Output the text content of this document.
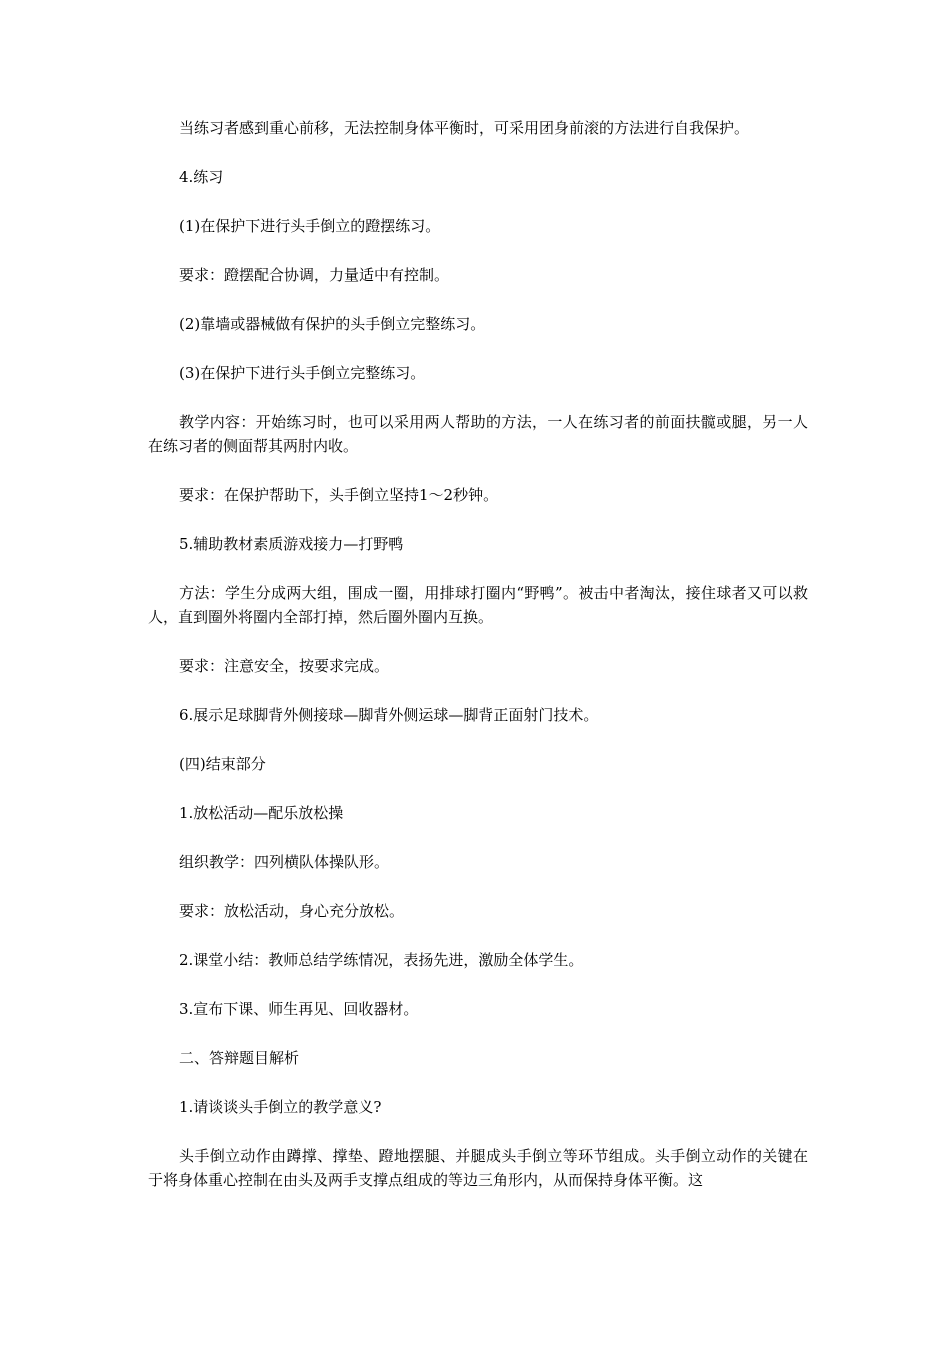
当练习者感到重心前移，无法控制身体平衡时，可采用团身前滚的方法进行自我保护。

4.练习

(1)在保护下进行头手倒立的蹬摆练习。

要求：蹬摆配合协调，力量适中有控制。

(2)靠墙或器械做有保护的头手倒立完整练习。

(3)在保护下进行头手倒立完整练习。

教学内容：开始练习时，也可以采用两人帮助的方法，一人在练习者的前面扶髋或腿，另一人在练习者的侧面帮其两肘内收。

要求：在保护帮助下，头手倒立坚持1～2秒钟。

5.辅助教材素质游戏接力—打野鸭

方法：学生分成两大组，围成一圈，用排球打圈内“野鸭”。被击中者淘汰，接住球者又可以救人，直到圈外将圈内全部打掉，然后圈外圈内互换。

要求：注意安全，按要求完成。

6.展示足球脚背外侧接球—脚背外侧运球—脚背正面射门技术。

(四)结束部分

1.放松活动—配乐放松操

组织教学：四列横队体操队形。

要求：放松活动，身心充分放松。

2.课堂小结：教师总结学练情况，表扬先进，激励全体学生。

3.宣布下课、师生再见、回收器材。

二、答辩题目解析

1.请谈谈头手倒立的教学意义?

头手倒立动作由蹲撑、撑垫、蹬地摆腿、并腿成头手倒立等环节组成。头手倒立动作的关键在于将身体重心控制在由头及两手支撑点组成的等边三角形内，从而保持身体平衡。这
